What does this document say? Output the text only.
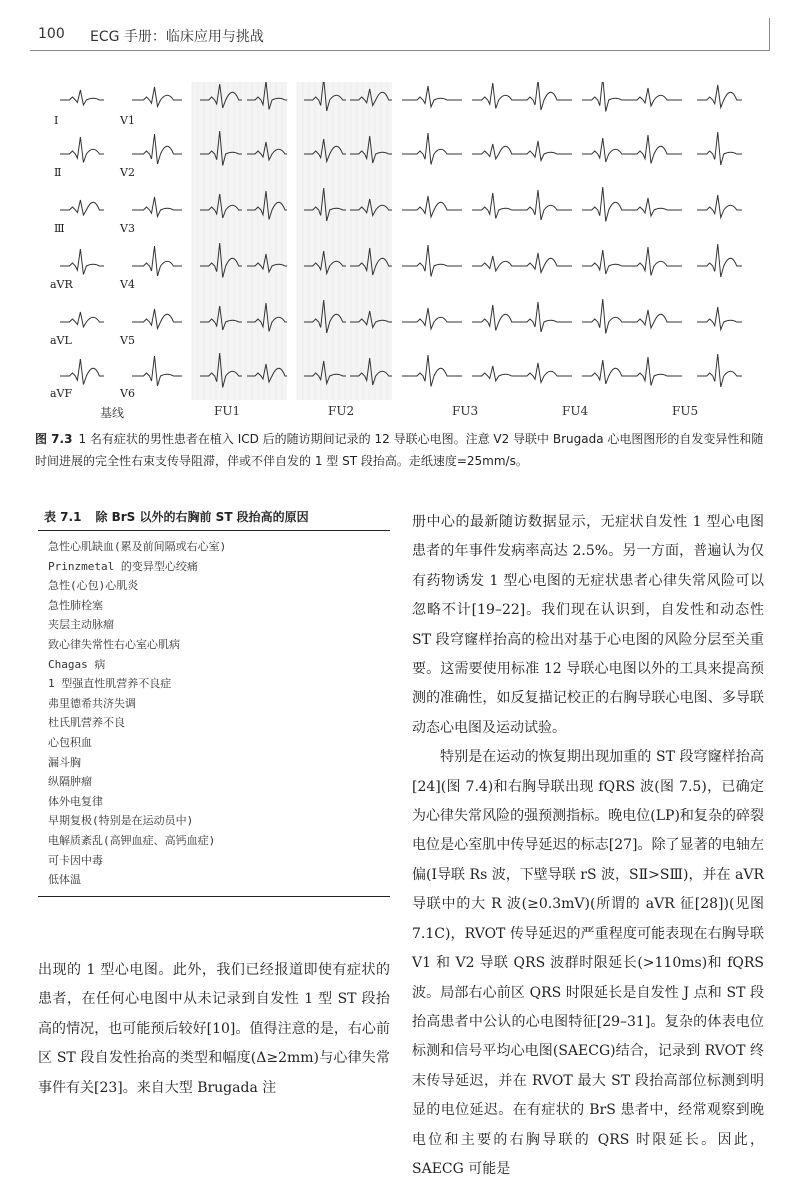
100 ECG 手册：临床应用与挑战
Ⅰ
Ⅱ
Ⅲ
aVR
aVL
aVF
V1
V2
V3
V4
V5
V6
基线	FU1	FU2	FU3	FU4	FU5
图 7.3 1 名有症状的男性患者在植入 ICD 后的随访期间记录的 12 导联心电图。注意 V2 导联中 Brugada 心电图图形的自发变异性和随时间进展的完全性右束支传导阻滞，伴或不伴自发的 1 型 ST 段抬高。走纸速度=25mm/s。
表 7.1 除 BrS 以外的右胸前 ST 段抬高的原因
急性心肌缺血(累及前间隔或右心室)
Prinzmetal 的变异型心绞痛
急性(心包)心肌炎
急性肺栓塞
夹层主动脉瘤
致心律失常性右心室心肌病
Chagas 病
1 型强直性肌营养不良症
弗里德希共济失调
杜氏肌营养不良
心包积血
漏斗胸
纵隔肿瘤
体外电复律
早期复极(特别是在运动员中)
电解质紊乱(高钾血症、高钙血症)
可卡因中毒
低体温

出现的 1 型心电图。此外，我们已经报道即使有症状的患者，在任何心电图中从未记录到自发性 1 型 ST 段抬高的情况，也可能预后较好[10]。值得注意的是，右心前区 ST 段自发性抬高的类型和幅度(Δ≥2mm)与心律失常事件有关[23]。来自大型 Brugada 注

册中心的最新随访数据显示，无症状自发性 1 型心电图患者的年事件发病率高达 2.5%。另一方面，普遍认为仅有药物诱发 1 型心电图的无症状患者心律失常风险可以忽略不计[19–22]。我们现在认识到，自发性和动态性 ST 段穹窿样抬高的检出对基于心电图的风险分层至关重要。这需要使用标准 12 导联心电图以外的工具来提高预测的准确性，如反复描记校正的右胸导联心电图、多导联动态心电图及运动试验。

特别是在运动的恢复期出现加重的 ST 段穹窿样抬高[24](图 7.4)和右胸导联出现 fQRS 波(图 7.5)，已确定为心律失常风险的强预测指标。晚电位(LP)和复杂的碎裂电位是心室肌中传导延迟的标志[27]。除了显著的电轴左偏(Ⅰ导联 Rs 波，下壁导联 rS 波，SⅡ>SⅢ)，并在 aVR 导联中的大 R 波(≥0.3mV)(所谓的 aVR 征[28])(见图 7.1C)，RVOT 传导延迟的严重程度可能表现在右胸导联 V1 和 V2 导联 QRS 波群时限延长(>110ms)和 fQRS 波。局部右心前区 QRS 时限延长是自发性 J 点和 ST 段抬高患者中公认的心电图特征[29–31]。复杂的体表电位标测和信号平均心电图(SAECG)结合，记录到 RVOT 终末传导延迟，并在 RVOT 最大 ST 段抬高部位标测到明显的电位延迟。在有症状的 BrS 患者中，经常观察到晚电位和主要的右胸导联的 QRS 时限延长。因此，SAECG 可能是
